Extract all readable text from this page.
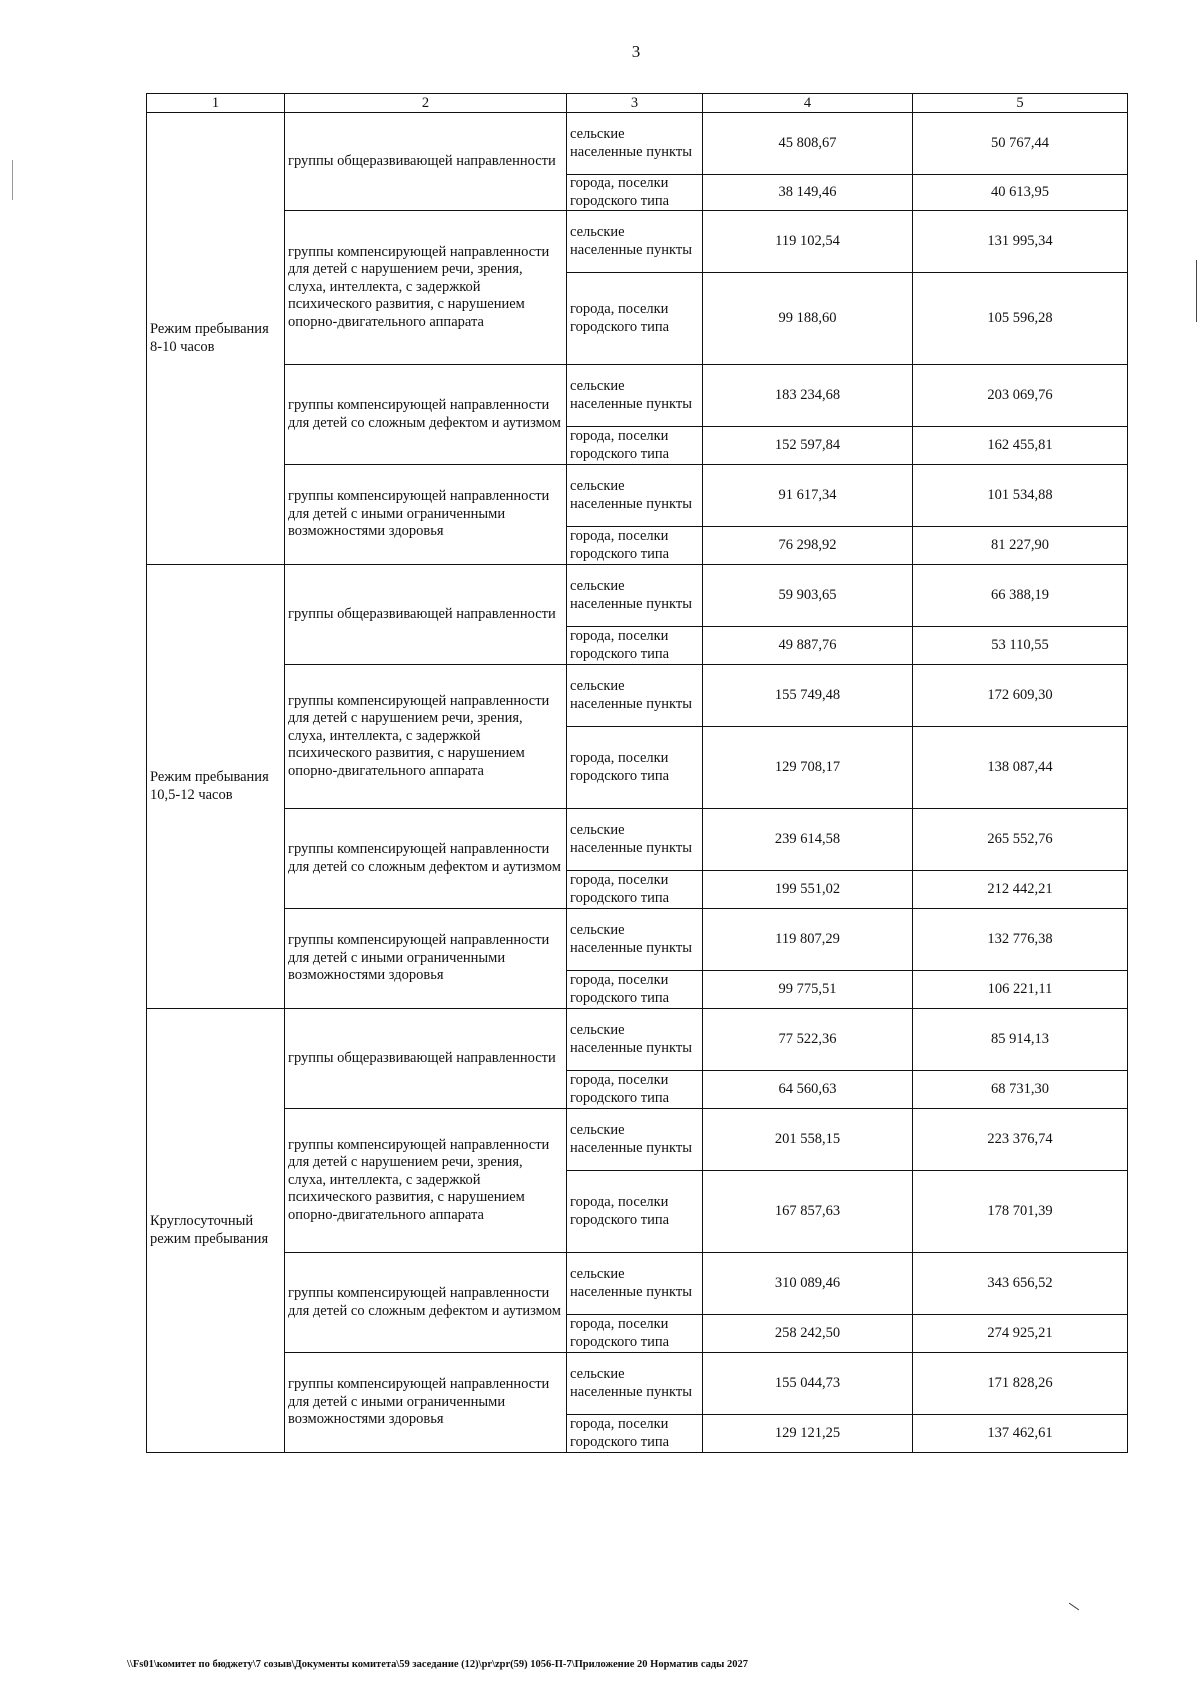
3
1	2	3	4	5
Режим пребывания 8-10 часов	группы общеразвивающей направленности	сельские населенные пункты	45 808,67	50 767,44
		города, поселки городского типа	38 149,46	40 613,95
	группы компенсирующей направленности для детей с нарушением речи, зрения, слуха, интеллекта, с задержкой психического развития, с нарушением опорно-двигательного аппарата	сельские населенные пункты	119 102,54	131 995,34
		города, поселки городского типа	99 188,60	105 596,28
	группы компенсирующей направленности для детей со сложным дефектом и аутизмом	сельские населенные пункты	183 234,68	203 069,76
		города, поселки городского типа	152 597,84	162 455,81
	группы компенсирующей направленности для детей с иными ограниченными возможностями здоровья	сельские населенные пункты	91 617,34	101 534,88
		города, поселки городского типа	76 298,92	81 227,90
Режим пребывания 10,5-12 часов	группы общеразвивающей направленности	сельские населенные пункты	59 903,65	66 388,19
		города, поселки городского типа	49 887,76	53 110,55
	группы компенсирующей направленности для детей с нарушением речи, зрения, слуха, интеллекта, с задержкой психического развития, с нарушением опорно-двигательного аппарата	сельские населенные пункты	155 749,48	172 609,30
		города, поселки городского типа	129 708,17	138 087,44
	группы компенсирующей направленности для детей со сложным дефектом и аутизмом	сельские населенные пункты	239 614,58	265 552,76
		города, поселки городского типа	199 551,02	212 442,21
	группы компенсирующей направленности для детей с иными ограниченными возможностями здоровья	сельские населенные пункты	119 807,29	132 776,38
		города, поселки городского типа	99 775,51	106 221,11
Круглосуточный режим пребывания	группы общеразвивающей направленности	сельские населенные пункты	77 522,36	85 914,13
		города, поселки городского типа	64 560,63	68 731,30
	группы компенсирующей направленности для детей с нарушением речи, зрения, слуха, интеллекта, с задержкой психического развития, с нарушением опорно-двигательного аппарата	сельские населенные пункты	201 558,15	223 376,74
		города, поселки городского типа	167 857,63	178 701,39
	группы компенсирующей направленности для детей со сложным дефектом и аутизмом	сельские населенные пункты	310 089,46	343 656,52
		города, поселки городского типа	258 242,50	274 925,21
	группы компенсирующей направленности для детей с иными ограниченными возможностями здоровья	сельские населенные пункты	155 044,73	171 828,26
		города, поселки городского типа	129 121,25	137 462,61
\\Fs01\комитет по бюджету\7 созыв\Документы комитета\59 заседание (12)\pr\zpr(59) 1056-П-7\Приложение 20 Норматив сады 2027
